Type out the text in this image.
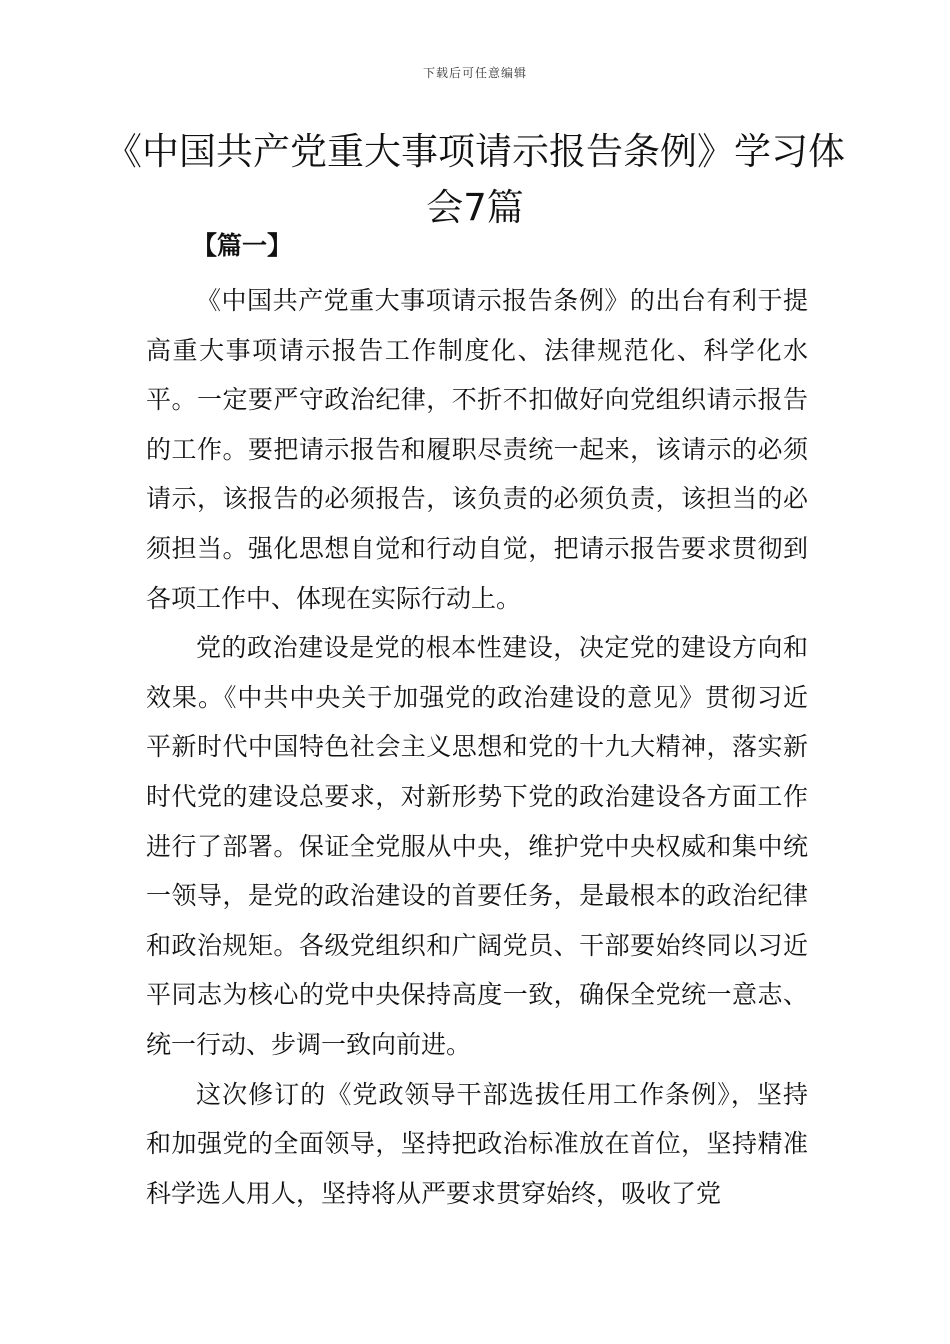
下载后可任意编辑
《中国共产党重大事项请示报告条例》学习体会7篇
【篇一】

《中国共产党重大事项请示报告条例》的出台有利于提高重大事项请示报告工作制度化、法律规范化、科学化水平。一定要严守政治纪律，不折不扣做好向党组织请示报告的工作。要把请示报告和履职尽责统一起来，该请示的必须请示，该报告的必须报告，该负责的必须负责，该担当的必须担当。强化思想自觉和行动自觉，把请示报告要求贯彻到各项工作中、体现在实际行动上。

党的政治建设是党的根本性建设，决定党的建设方向和效果。《中共中央关于加强党的政治建设的意见》贯彻习近平新时代中国特色社会主义思想和党的十九大精神，落实新时代党的建设总要求，对新形势下党的政治建设各方面工作进行了部署。保证全党服从中央，维护党中央权威和集中统一领导，是党的政治建设的首要任务，是最根本的政治纪律和政治规矩。各级党组织和广阔党员、干部要始终同以习近平同志为核心的党中央保持高度一致，确保全党统一意志、统一行动、步调一致向前进。

这次修订的《党政领导干部选拔任用工作条例》，坚持和加强党的全面领导，坚持把政治标准放在首位，坚持精准科学选人用人，坚持将从严要求贯穿始终，吸收了党
